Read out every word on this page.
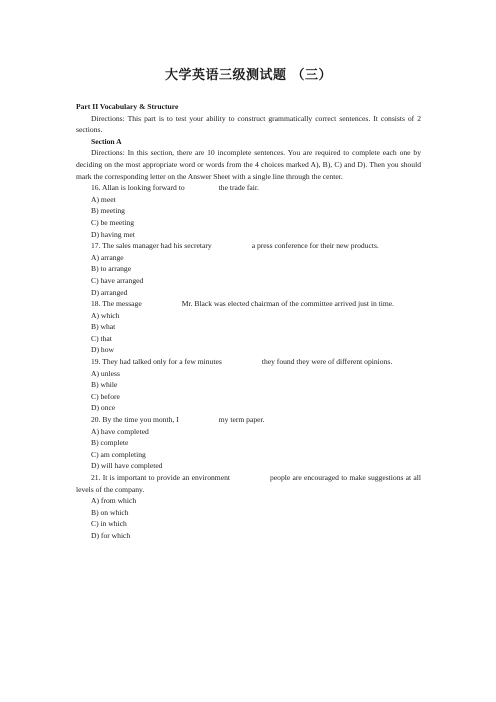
大学英语三级测试题 （三）
Part II Vocabulary & Structure

Directions: This part is to test your ability to construct grammatically correct sentences. It consists of 2 sections.

Section A

Directions: In this section, there are 10 incomplete sentences. You are required to complete each one by deciding on the most appropriate word or words from the 4 choices marked A), B), C) and D). Then you should mark the corresponding letter on the Answer Sheet with a single line through the center.

16. Allan is looking forward to	the trade fair.

A) meet

B) meeting

C) be meeting

D) having met

17. The sales manager had his secretary	a press conference for their new products.

A) arrange

B) to arrange

C) have arranged

D) arranged

18. The message	Mr. Black was elected chairman of the committee arrived just in time.

A) which

B) what

C) that

D) how

19. They had talked only for a few minutes	they found they were of different opinions.

A) unless

B) while

C) before

D) once

20. By the time you month, I	my term paper.

A) have completed

B) complete

C) am completing

D) will have completed

21. It is important to provide an environment	people are encouraged to make suggestions at all levels of the company.

A) from which

B) on which

C) in which

D) for which
